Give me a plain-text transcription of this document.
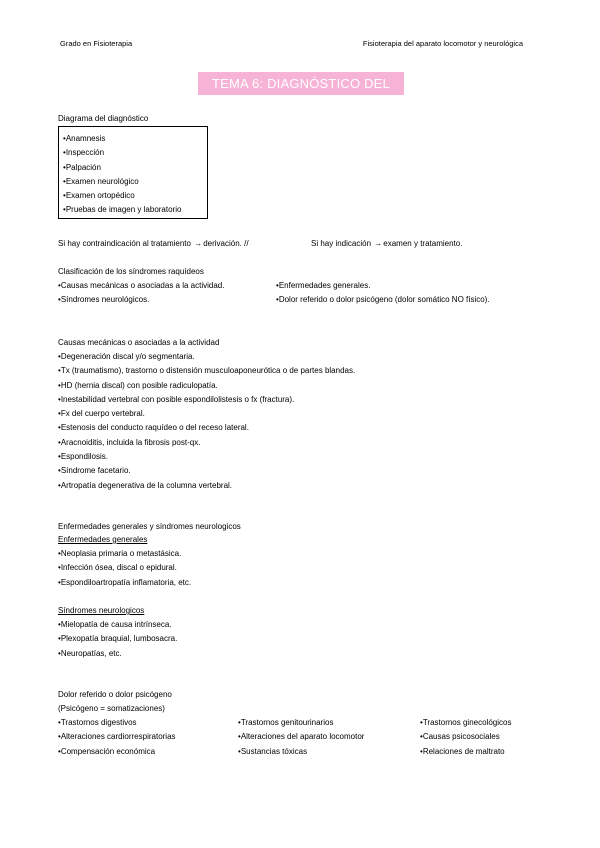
Grado en Fisioterapia	Fisioterapia del aparato locomotor y neurológica
TEMA 6: DIAGNÓSTICO DEL RAQUIS
Diagrama del diagnóstico
• Anamnesis
• Inspección
• Palpación
• Examen neurológico
• Examen ortopédico
• Pruebas de imagen y laboratorio
Si hay contraindicación al tratamiento →derivación. //	Si hay indicación →examen y tratamiento.
Clasificación de los síndromes raquídeos
• Causas mecánicas o asociadas a la actividad.
• Síndromes neurológicos.
• Enfermedades generales.
• Dolor referido o dolor psicógeno (dolor somático NO físico).
Causas mecánicas o asociadas a la actividad
• Degeneración discal y/o segmentaria.
• Tx (traumatismo), trastorno o distensión musculoaponeurótica o de partes blandas.
• HD (hernia discal) con posible radiculopatía.
• Inestabilidad vertebral con posible espondilolistesis o fx (fractura).
• Fx del cuerpo vertebral.
• Estenosis del conducto raquídeo o del receso lateral.
• Aracnoiditis, incluida la fibrosis post-qx.
• Espondilosis.
• Síndrome facetario.
• Artropatía degenerativa de la columna vertebral.
Enfermedades generales y síndromes neurologicos
Enfermedades generales
• Neoplasia primaria o metastásica.
• Infección ósea, discal o epidural.
• Espondiloartropatía inflamatoria, etc.
Síndromes neurologicos
• Mielopatía de causa intrínseca.
• Plexopatía braquial, lumbosacra.
• Neuropatías, etc.
Dolor referido o dolor psicógeno
(Psicógeno = somatizaciones)
• Trastornos digestivos
• Alteraciones cardiorrespiratorias
• Compensación económica
• Trastornos genitourinarios
• Alteraciones del aparato locomotor
• Sustancias tóxicas
• Trastornos ginecológicos
• Causas psicosociales
• Relaciones de maltrato
